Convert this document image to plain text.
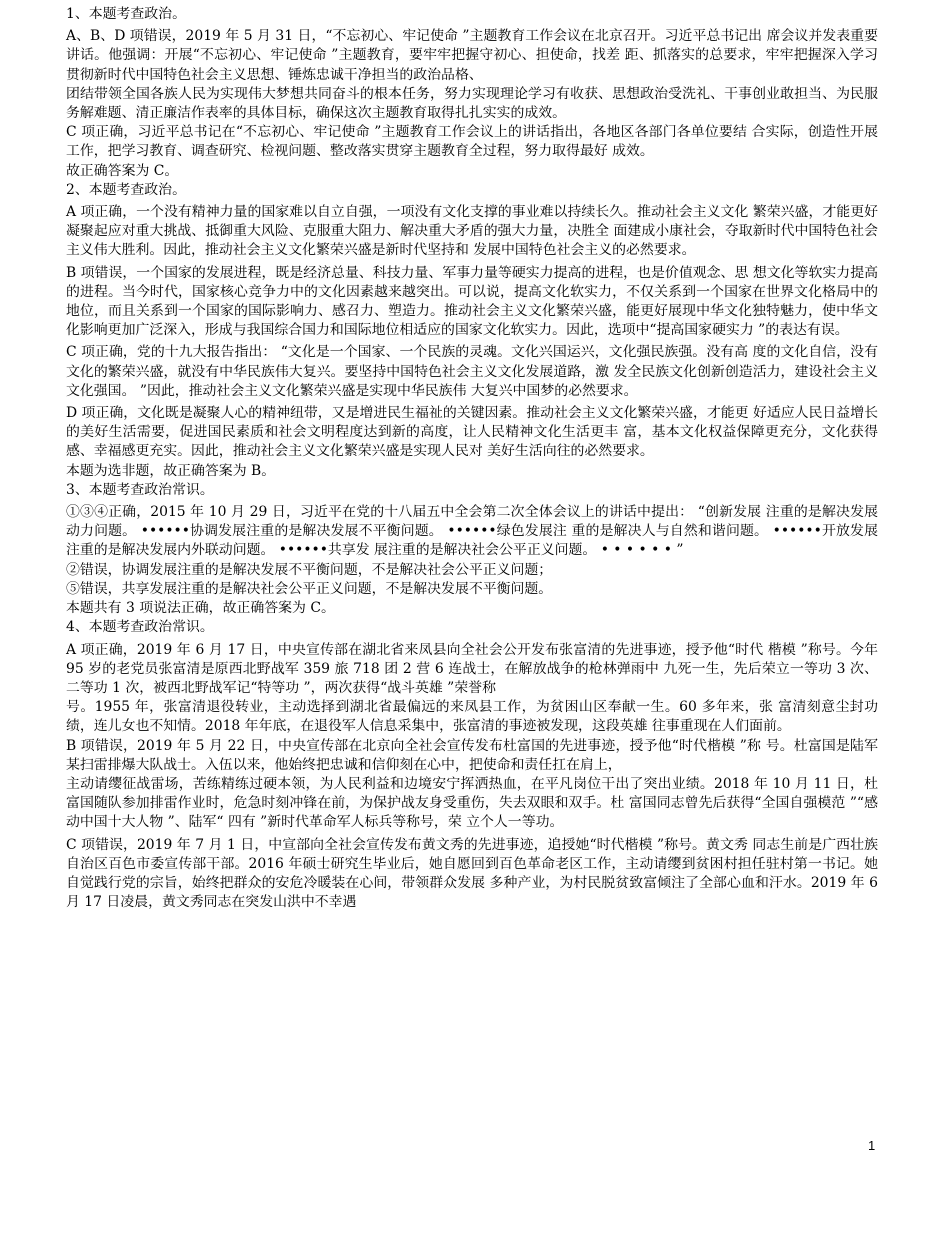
1、本题考查政治。

A、B、D 项错误，2019 年 5 月 31 日，“不忘初心、牢记使命 ”主题教育工作会议在北京召开。习近平总书记出 席会议并发表重要讲话。他强调：开展“不忘初心、牢记使命 ”主题教育，要牢牢把握守初心、担使命，找差 距、抓落实的总要求，牢牢把握深入学习贯彻新时代中国特色社会主义思想、锤炼忠诚干净担当的政治品格、

团结带领全国各族人民为实现伟大梦想共同奋斗的根本任务，努力实现理论学习有收获、思想政治受洗礼、干事创业敢担当、为民服务解难题、清正廉洁作表率的具体目标，确保这次主题教育取得扎扎实实的成效。

C 项正确，习近平总书记在“不忘初心、牢记使命 ”主题教育工作会议上的讲话指出，各地区各部门各单位要结 合实际，创造性开展工作，把学习教育、调查研究、检视问题、整改落实贯穿主题教育全过程，努力取得最好 成效。

故正确答案为 C。

2、本题考查政治。

A 项正确，一个没有精神力量的国家难以自立自强，一项没有文化支撑的事业难以持续长久。推动社会主义文化 繁荣兴盛，才能更好凝聚起应对重大挑战、抵御重大风险、克服重大阻力、解决重大矛盾的强大力量，决胜全 面建成小康社会，夺取新时代中国特色社会主义伟大胜利。因此，推动社会主义文化繁荣兴盛是新时代坚持和 发展中国特色社会主义的必然要求。

B 项错误，一个国家的发展进程，既是经济总量、科技力量、军事力量等硬实力提高的进程，也是价值观念、思 想文化等软实力提高的进程。当今时代，国家核心竞争力中的文化因素越来越突出。可以说，提高文化软实力，不仅关系到一个国家在世界文化格局中的地位，而且关系到一个国家的国际影响力、感召力、塑造力。推动社会主义文化繁荣兴盛，能更好展现中华文化独特魅力，使中华文化影响更加广泛深入，形成与我国综合国力和国际地位相适应的国家文化软实力。因此，选项中“提高国家硬实力 ”的表达有误。

C 项正确，党的十九大报告指出： “文化是一个国家、一个民族的灵魂。文化兴国运兴，文化强民族强。没有高 度的文化自信，没有文化的繁荣兴盛，就没有中华民族伟大复兴。要坚持中国特色社会主义文化发展道路，激 发全民族文化创新创造活力，建设社会主义文化强国。 ”因此，推动社会主义文化繁荣兴盛是实现中华民族伟 大复兴中国梦的必然要求。

D 项正确，文化既是凝聚人心的精神纽带，又是增进民生福祉的关键因素。推动社会主义文化繁荣兴盛，才能更 好适应人民日益增长的美好生活需要，促进国民素质和社会文明程度达到新的高度，让人民精神文化生活更丰 富，基本文化权益保障更充分，文化获得感、幸福感更充实。因此，推动社会主义文化繁荣兴盛是实现人民对 美好生活向往的必然要求。

本题为选非题，故正确答案为 B。

3、本题考查政治常识。

①③④正确，2015 年 10 月 29 日，习近平在党的十八届五中全会第二次全体会议上的讲话中提出： “创新发展 注重的是解决发展动力问题。 ••••••协调发展注重的是解决发展不平衡问题。 ••••••绿色发展注 重的是解决人与自然和谐问题。 ••••••开放发展注重的是解决发展内外联动问题。 ••••••共享发 展注重的是解决社会公平正义问题。 • • • • • • ”

②错误，协调发展注重的是解决发展不平衡问题，不是解决社会公平正义问题；

⑤错误，共享发展注重的是解决社会公平正义问题，不是解决发展不平衡问题。

本题共有 3 项说法正确，故正确答案为 C。

4、本题考查政治常识。

A 项正确，2019 年 6 月 17 日，中央宣传部在湖北省来凤县向全社会公开发布张富清的先进事迹，授予他“时代 楷模 ”称号。今年 95 岁的老党员张富清是原西北野战军 359 旅 718 团 2 营 6 连战士，在解放战争的枪林弹雨中 九死一生，先后荣立一等功 3 次、二等功 1 次，被西北野战军记“特等功 ”，两次获得“战斗英雄 ”荣誉称

号。1955 年，张富清退役转业，主动选择到湖北省最偏远的来凤县工作，为贫困山区奉献一生。60 多年来，张 富清刻意尘封功绩，连儿女也不知情。2018 年年底，在退役军人信息采集中，张富清的事迹被发现，这段英雄 往事重现在人们面前。

B 项错误，2019 年 5 月 22 日，中央宣传部在北京向全社会宣传发布杜富国的先进事迹，授予他“时代楷模 ”称 号。杜富国是陆军某扫雷排爆大队战士。入伍以来，他始终把忠诚和信仰刻在心中，把使命和责任扛在肩上，

主动请缨征战雷场，苦练精练过硬本领，为人民利益和边境安宁挥洒热血，在平凡岗位干出了突出业绩。2018 年 10 月 11 日，杜富国随队参加排雷作业时，危急时刻冲锋在前，为保护战友身受重伤，失去双眼和双手。杜 富国同志曾先后获得“全国自强模范 ”“感动中国十大人物 ”、陆军“ 四有 ”新时代革命军人标兵等称号，荣 立个人一等功。

C 项错误，2019 年 7 月 1 日，中宣部向全社会宣传发布黄文秀的先进事迹，追授她“时代楷模 ”称号。黄文秀 同志生前是广西壮族自治区百色市委宣传部干部。2016 年硕士研究生毕业后，她自愿回到百色革命老区工作，主动请缨到贫困村担任驻村第一书记。她自觉践行党的宗旨，始终把群众的安危冷暖装在心间，带领群众发展 多种产业，为村民脱贫致富倾注了全部心血和汗水。2019 年 6 月 17 日凌晨，黄文秀同志在突发山洪中不幸遇

1
